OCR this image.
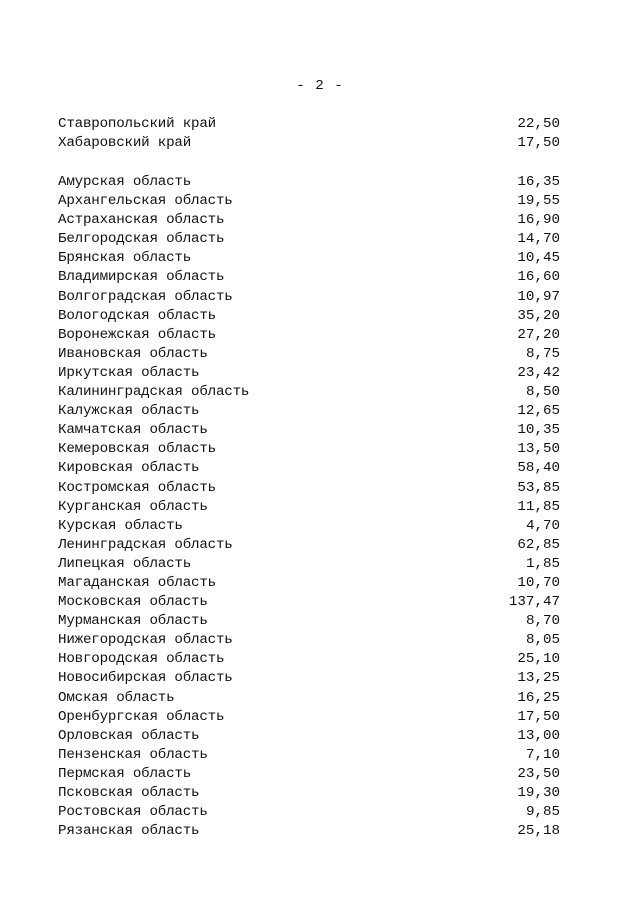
- 2 -
Ставропольский край	22,50
Хабаровский край	17,50
Амурская область	16,35
Архангельская область	19,55
Астраханская область	16,90
Белгородская область	14,70
Брянская область	10,45
Владимирская область	16,60
Волгоградская область	10,97
Вологодская область	35,20
Воронежская область	27,20
Ивановская область	8,75
Иркутская область	23,42
Калининградская область	8,50
Калужская область	12,65
Камчатская область	10,35
Кемеровская область	13,50
Кировская область	58,40
Костромская область	53,85
Курганская область	11,85
Курская область	4,70
Ленинградская область	62,85
Липецкая область	1,85
Магаданская область	10,70
Московская область	137,47
Мурманская область	8,70
Нижегородская область	8,05
Новгородская область	25,10
Новосибирская область	13,25
Омская область	16,25
Оренбургская область	17,50
Орловская область	13,00
Пензенская область	7,10
Пермская область	23,50
Псковская область	19,30
Ростовская область	9,85
Рязанская область	25,18
